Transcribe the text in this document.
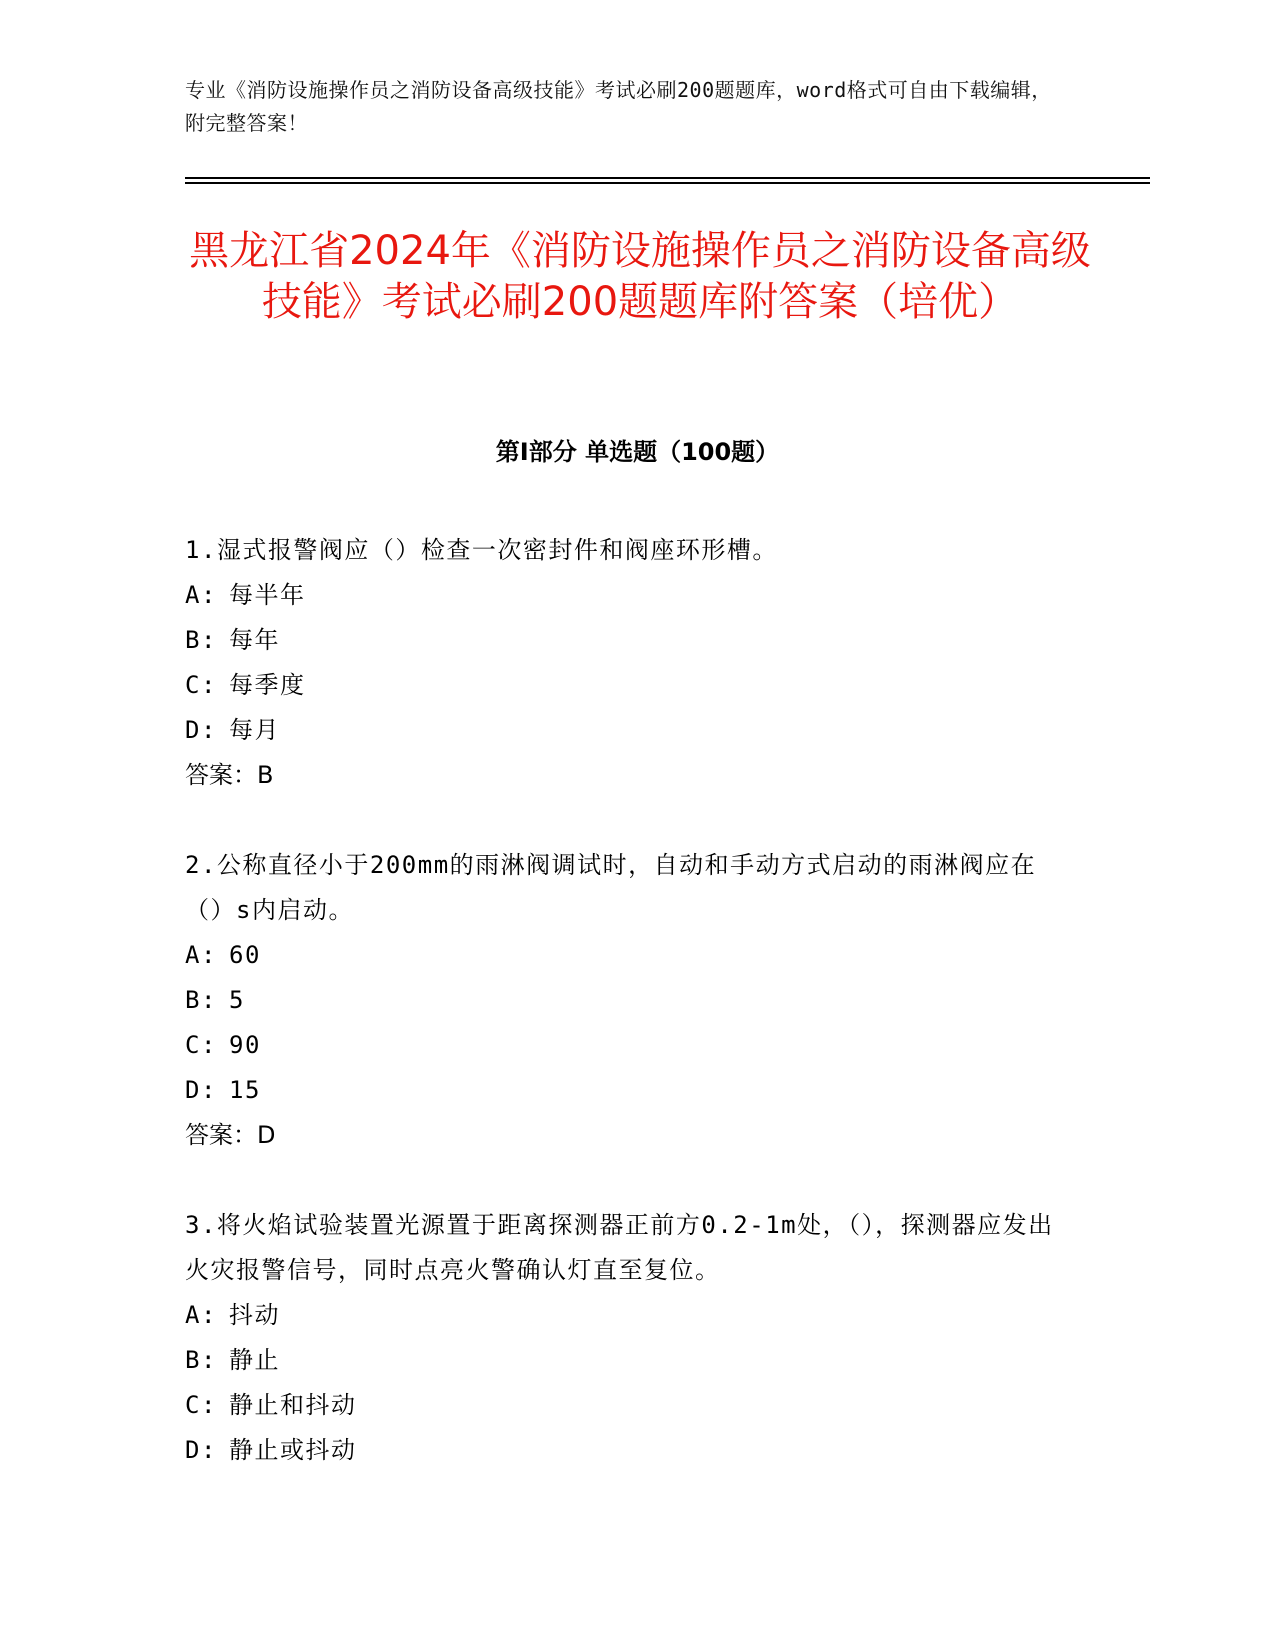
专业《消防设施操作员之消防设备高级技能》考试必刷200题题库，word格式可自由下载编辑，附完整答案！
黑龙江省2024年《消防设施操作员之消防设备高级技能》考试必刷200题题库附答案（培优）
第I部分 单选题（100题）

1.湿式报警阀应（）检查一次密封件和阀座环形槽。

A: 每半年
B: 每年
C: 每季度
D: 每月
答案：B

2.公称直径小于200mm的雨淋阀调试时，自动和手动方式启动的雨淋阀应在（）s内启动。

A: 60
B: 5
C: 90
D: 15
答案：D

3.将火焰试验装置光源置于距离探测器正前方0.2-1m处，（），探测器应发出火灾报警信号，同时点亮火警确认灯直至复位。

A: 抖动
B: 静止
C: 静止和抖动
D: 静止或抖动
